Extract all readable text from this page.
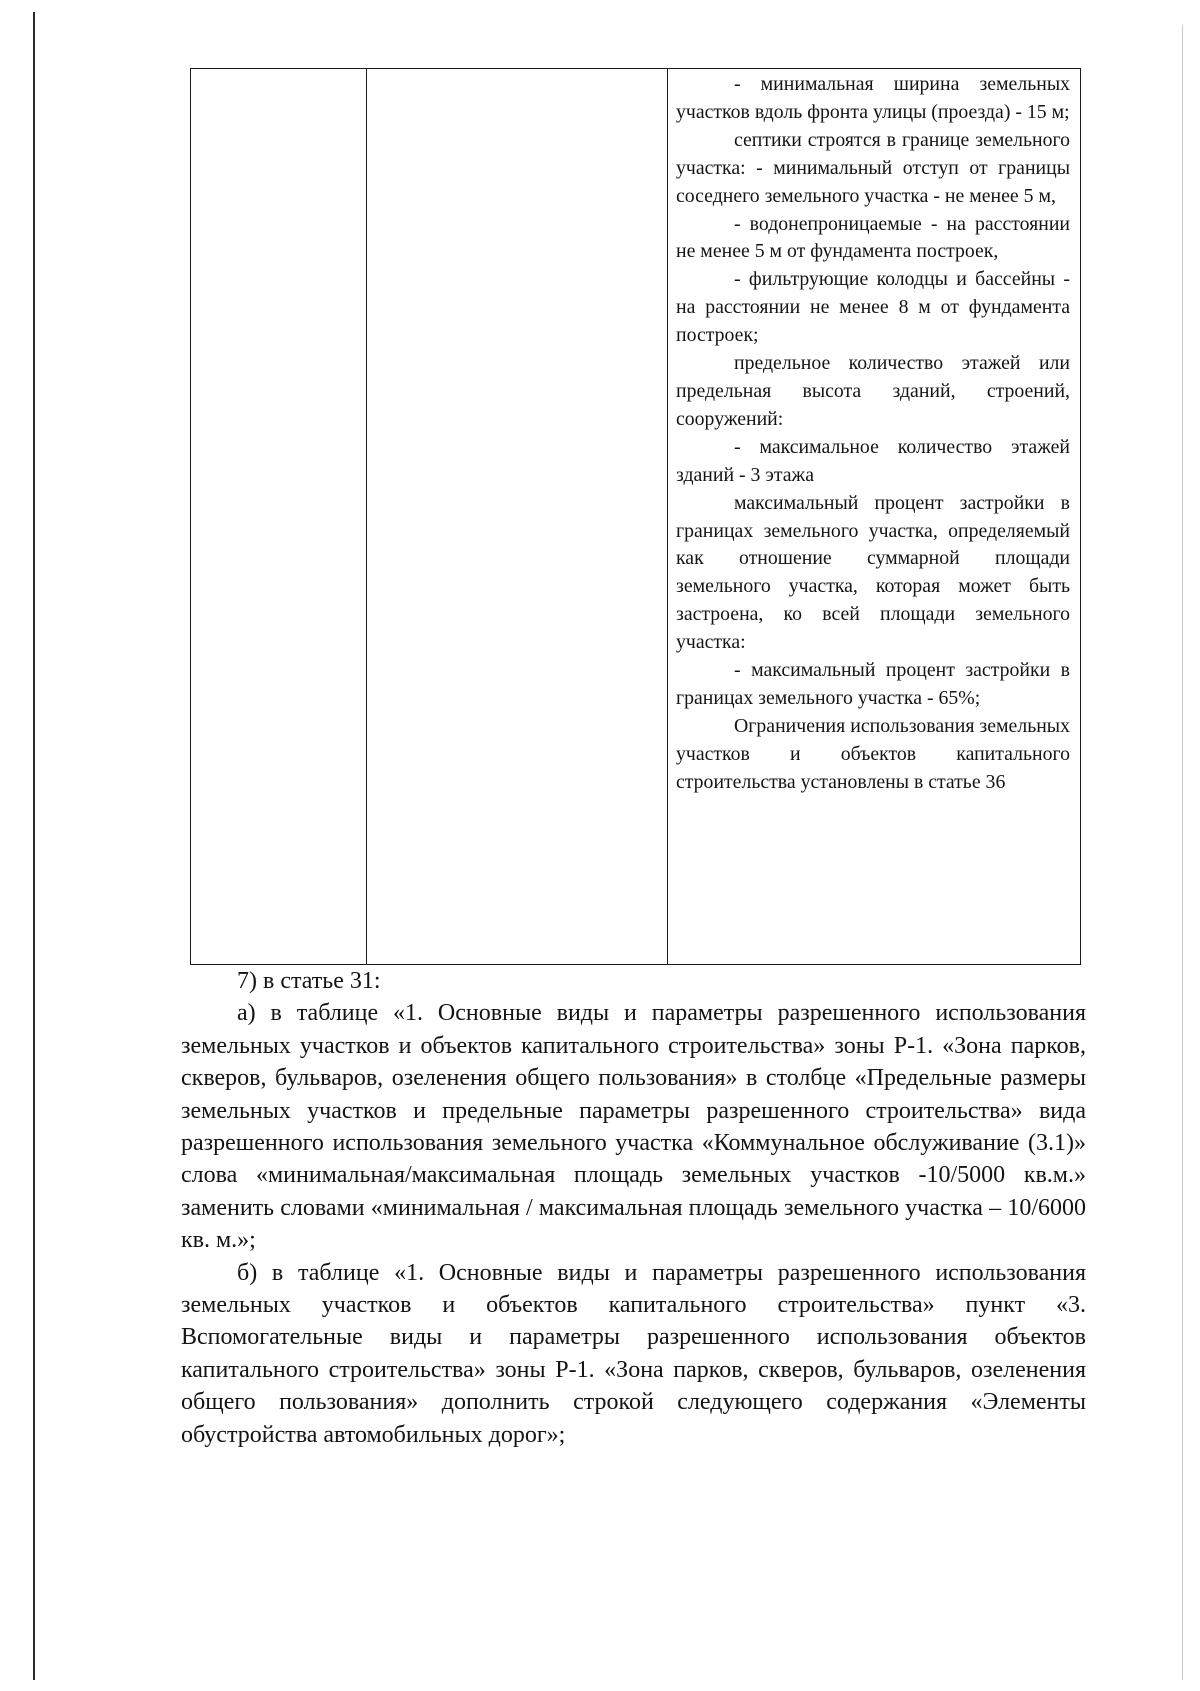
- минимальная ширина земельных участков вдоль фронта улицы (проезда) - 15 м;

септики строятся в границе земельного участка: - минимальный отступ от границы соседнего земельного участка - не менее 5 м,

- водонепроницаемые - на расстоянии не менее 5 м от фундамента построек,

- фильтрующие колодцы и бассейны - на расстоянии не менее 8 м от фундамента построек;

предельное количество этажей или предельная высота зданий, строений, сооружений:

- максимальное количество этажей зданий - 3 этажа

максимальный процент застройки в границах земельного участка, определяемый как отношение суммарной площади земельного участка, которая может быть застроена, ко всей площади земельного участка:

- максимальный процент застройки в границах земельного участка - 65%;

Ограничения использования земельных участков и объектов капитального строительства установлены в статье 36

7) в статье 31:

а) в таблице «1. Основные виды и параметры разрешенного использования земельных участков и объектов капитального строительства» зоны Р-1. «Зона парков, скверов, бульваров, озеленения общего пользования» в столбце «Предельные размеры земельных участков и предельные параметры разрешенного строительства» вида разрешенного использования земельного участка «Коммунальное обслуживание (3.1)» слова «минимальная/максимальная площадь земельных участков -10/5000 кв.м.» заменить словами «минимальная / максимальная площадь земельного участка – 10/6000 кв. м.»;

б) в таблице «1. Основные виды и параметры разрешенного использования земельных участков и объектов капитального строительства» пункт «3. Вспомогательные виды и параметры разрешенного использования объектов капитального строительства» зоны Р-1. «Зона парков, скверов, бульваров, озеленения общего пользования» дополнить строкой следующего содержания «Элементы обустройства автомобильных дорог»;
